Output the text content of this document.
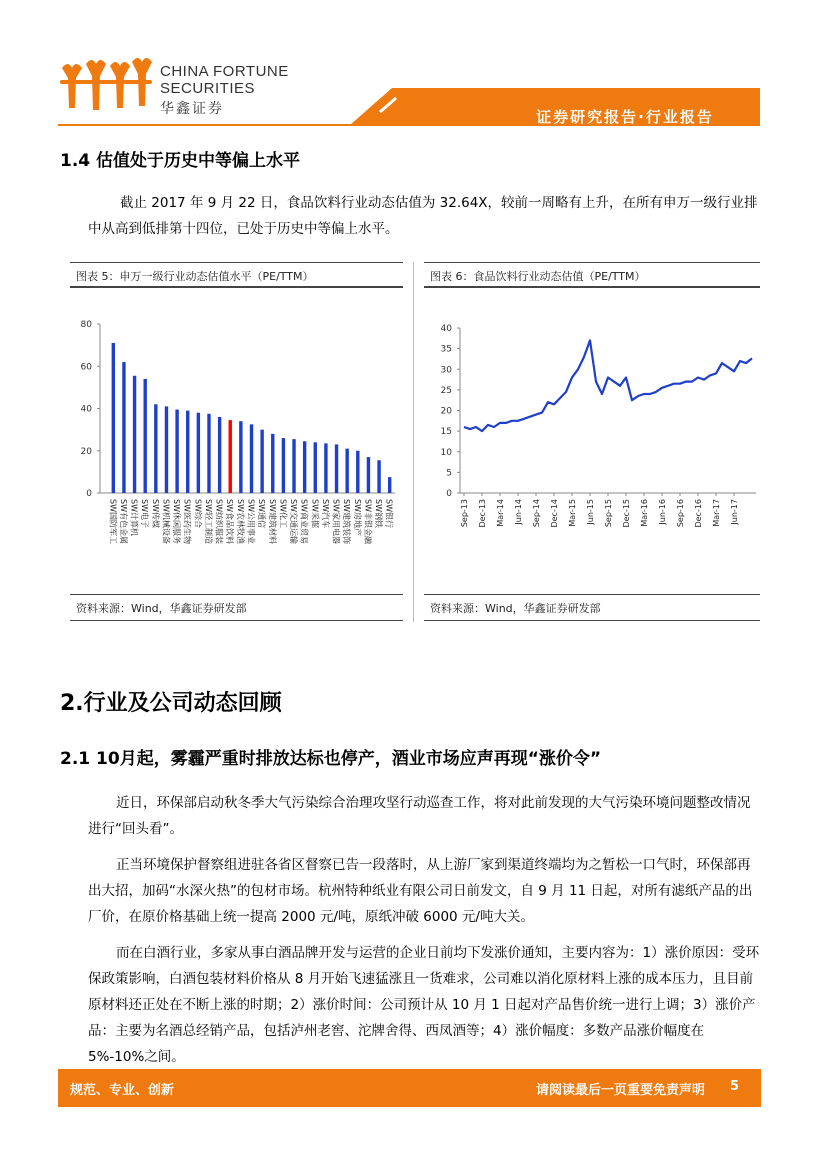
CHINA FORTUNE
SECURITIES
华鑫证券	证券研究报告·行业报告
1.4 估值处于历史中等偏上水平

截止 2017 年 9 月 22 日，食品饮料行业动态估值为 32.64X，较前一周略有上升，在所有申万一级行业排中从高到低排第十四位，已处于历史中等偏上水平。

图表 5：申万一级行业动态估值水平（PE/TTM）	图表 6：食品饮料行业动态估值（PE/TTM）
0
20
40
60
80
SW国防军工 SW有色金属 SW计算机 SW电子 SW传媒 SW机械设备 SW休闲服务 SW医药生物 SW综合 SW轻工制造 SW纺织服装 SW食品饮料 SW农林牧渔 SW公用事业 SW通信 SW建筑材料 SW化工 SW交通运输 SW商业贸易 SW采掘 SW汽车 SW家用电器 SW建筑装饰 SW房地产 SW非银金融 SW钢铁 SW银行
0
5
10
15
20
25
30
35
40
Sep-13 Dec-13 Mar-14 Jun-14 Sep-14 Dec-14 Mar-15 Jun-15 Sep-15 Dec-15 Mar-16 Jun-16 Sep-16 Dec-16 Mar-17 Jun-17
资料来源：Wind，华鑫证券研发部	资料来源：Wind，华鑫证券研发部
2.行业及公司动态回顾
2.1 10月起，雾霾严重时排放达标也停产，酒业市场应声再现“涨价令”

近日，环保部启动秋冬季大气污染综合治理攻坚行动巡查工作，将对此前发现的大气污染环境问题整改情况进行“回头看”。

正当环境保护督察组进驻各省区督察已告一段落时，从上游厂家到渠道终端均为之暂松一口气时，环保部再出大招，加码“水深火热”的包材市场。杭州特种纸业有限公司日前发文，自 9 月 11 日起，对所有滤纸产品的出厂价，在原价格基础上统一提高 2000 元/吨，原纸冲破 6000 元/吨大关。

而在白酒行业，多家从事白酒品牌开发与运营的企业日前均下发涨价通知，主要内容为：1）涨价原因：受环保政策影响，白酒包装材料价格从 8 月开始飞速猛涨且一货难求，公司难以消化原材料上涨的成本压力，且目前原材料还正处在不断上涨的时期；2）涨价时间：公司预计从 10 月 1 日起对产品售价统一进行上调；3）涨价产品：主要为名酒总经销产品，包括泸州老窖、沱牌舍得、西凤酒等；4）涨价幅度：多数产品涨价幅度在 5%-10%之间。

规范、专业、创新	请阅读最后一页重要免责声明 5
